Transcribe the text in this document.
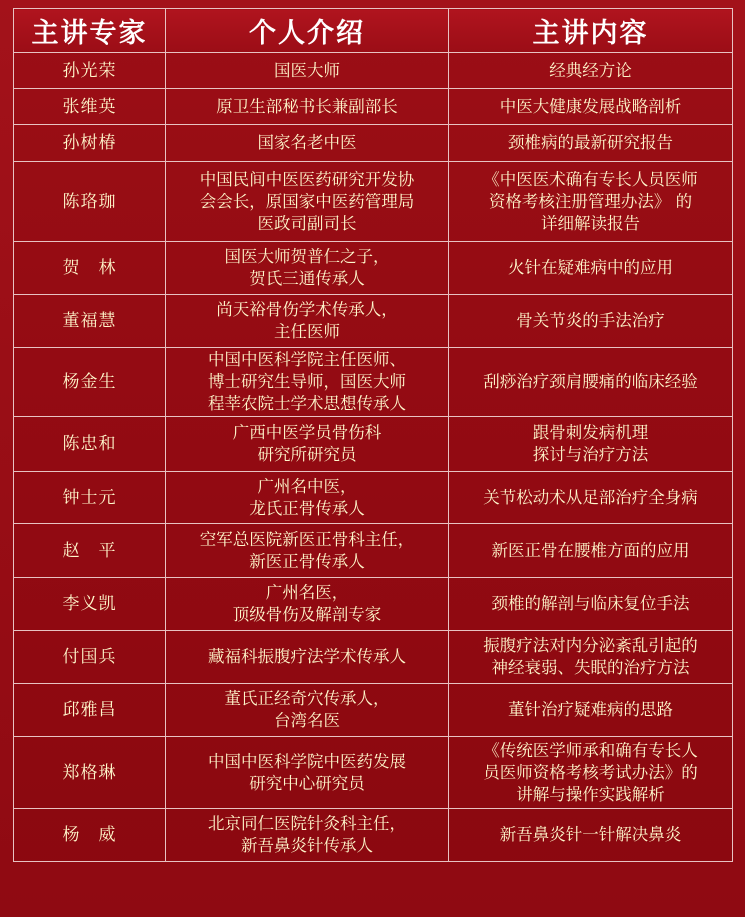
主讲专家	个人介绍	主讲内容

孙光荣	国医大师	经典经方论

张维英	原卫生部秘书长兼副部长	中医大健康发展战略剖析

孙树椿	国家名老中医	颈椎病的最新研究报告

陈珞珈	中国民间中医医药研究开发协
会会长，原国家中医药管理局
医政司副司长	《中医医术确有专长人员医师
资格考核注册管理办法》 的
详细解读报告

贺　林	国医大师贺普仁之子，
贺氏三通传承人	火针在疑难病中的应用

董福慧	尚天裕骨伤学术传承人，
主任医师	骨关节炎的手法治疗

杨金生	中国中医科学院主任医师、
博士研究生导师，国医大师
程莘农院士学术思想传承人	刮痧治疗颈肩腰痛的临床经验

陈忠和	广西中医学员骨伤科
研究所研究员	跟骨刺发病机理
探讨与治疗方法

钟士元	广州名中医，
龙氏正骨传承人	关节松动术从足部治疗全身病

赵　平	空军总医院新医正骨科主任，
新医正骨传承人	新医正骨在腰椎方面的应用

李义凯	广州名医，
顶级骨伤及解剖专家	颈椎的解剖与临床复位手法

付国兵	藏福科振腹疗法学术传承人	振腹疗法对内分泌紊乱引起的
神经衰弱、失眠的治疗方法

邱雅昌	董氏正经奇穴传承人，
台湾名医	董针治疗疑难病的思路

郑格琳	中国中医科学院中医药发展
研究中心研究员	《传统医学师承和确有专长人
员医师资格考核考试办法》的
讲解与操作实践解析

杨　威	北京同仁医院针灸科主任，
新吾鼻炎针传承人	新吾鼻炎针一针解决鼻炎
